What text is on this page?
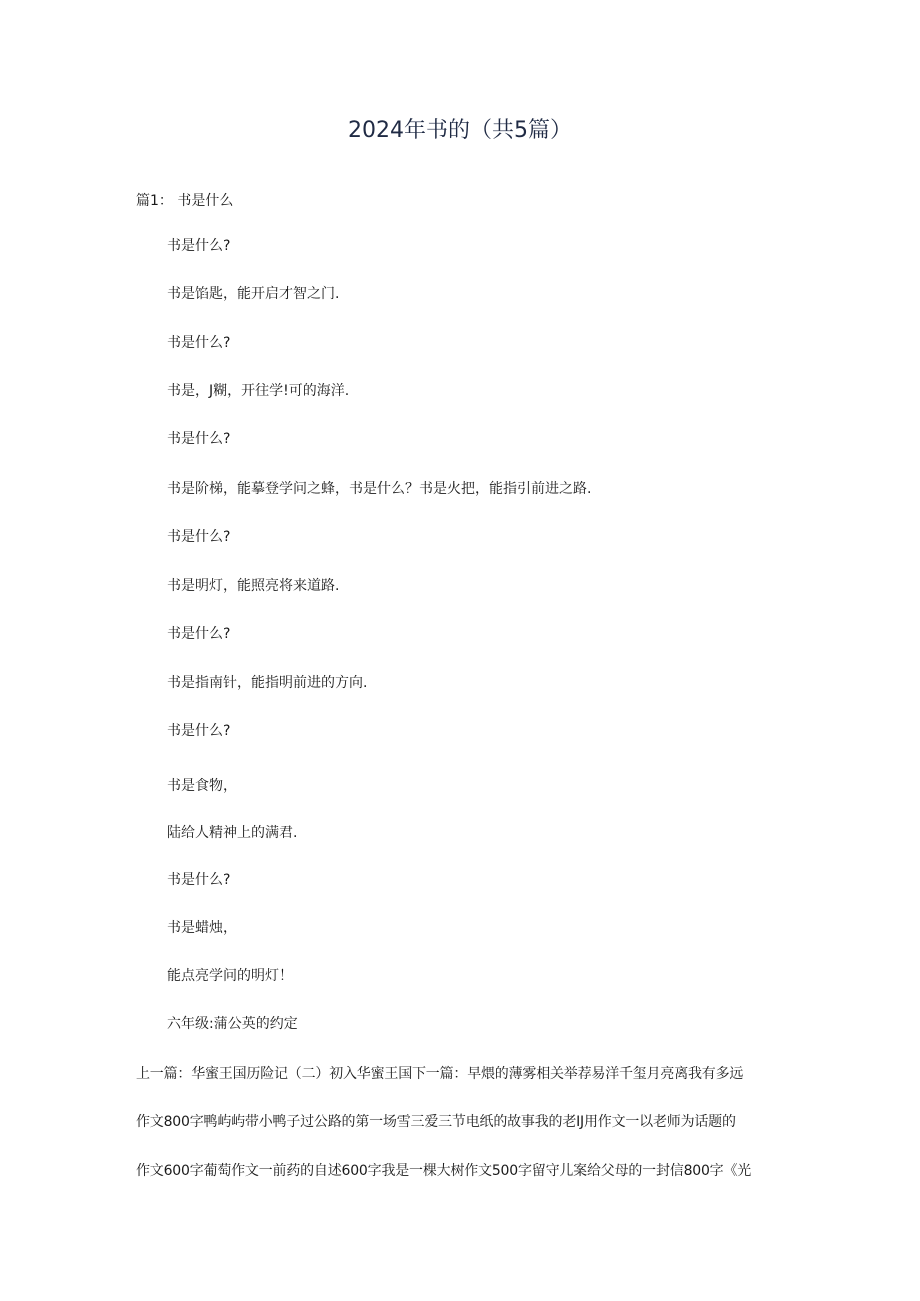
2024年书的（共5篇）
篇1： 书是什么
书是什么?
书是馅匙，能开启才智之门.
书是什么?
书是，J糊，开往学!可的海洋.
书是什么?
书是阶梯，能摹登学问之蜂，书是什么？书是火把，能指引前进之路.
书是什么?
书是明灯，能照亮将来道路.
书是什么?
书是指南针，能指明前进的方向.
书是什么?
书是食物，
陆给人精神上的满君.
书是什么?
书是蜡烛，
能点亮学问的明灯！
六年级:蒲公英的约定
上一篇：华蜜王国历险记（二）初入华蜜王国下一篇：早煨的薄雾相关举荐易洋千玺月亮离我有多远
作文800字鸭屿屿带小鸭子过公路的第一场雪三爱三节电纸的故事我的老IJ用作文一以老师为话题的
作文600字葡萄作文一前药的自述600字我是一棵大树作文500字留守儿案给父母的一封信800字《光
